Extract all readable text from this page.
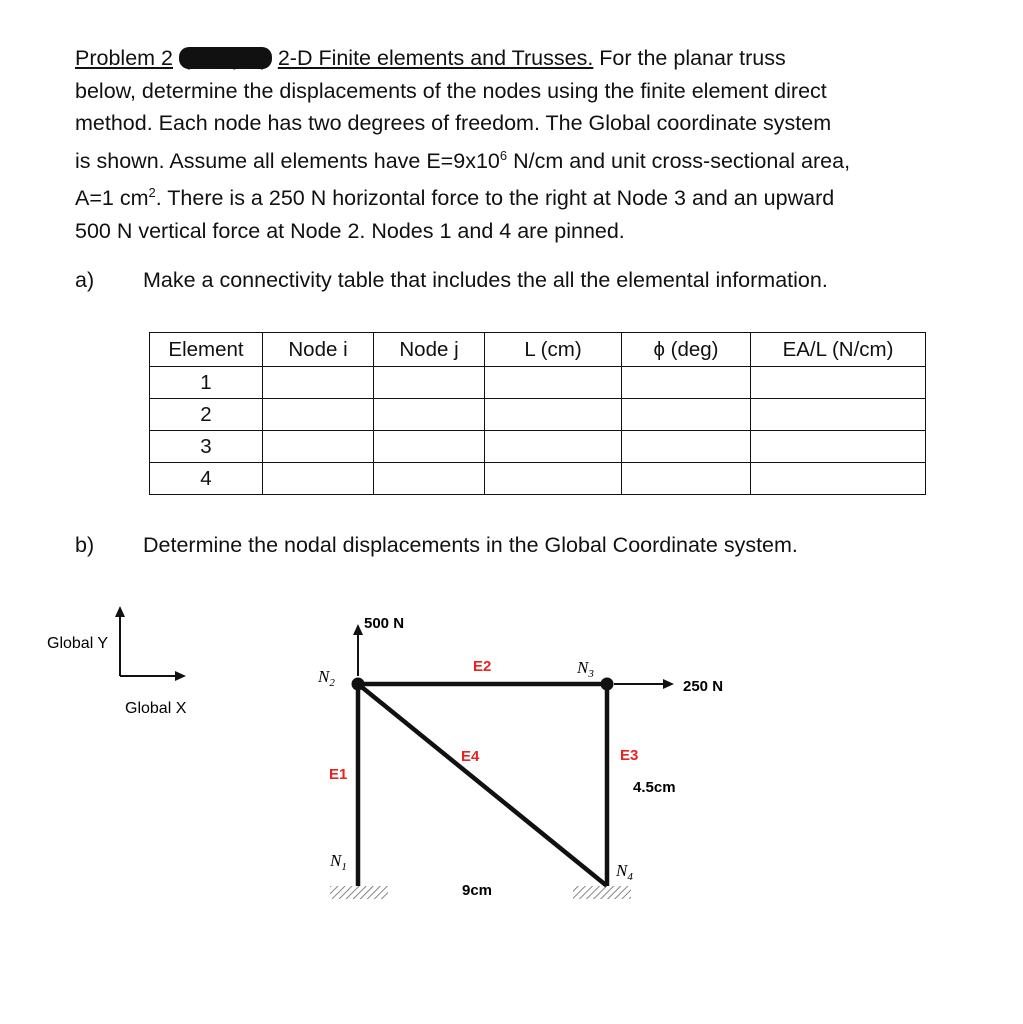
Problem 2 (100 pts) 2-D Finite elements and Trusses. For the planar truss
below, determine the displacements of the nodes using the finite element direct
method. Each node has two degrees of freedom. The Global coordinate system
is shown. Assume all elements have $E=9x10^6$ N/cm and unit cross-sectional area,
A=1 $cm^2$. There is a 250 N horizontal force to the right at Node 3 and an upward
500 N vertical force at Node 2. Nodes 1 and 4 are pinned.
a) Make a connectivity table that includes the all the elemental information.
Element	Node i	Node j	L (cm)	ϕ (deg)	EA/L (N/cm)
1					
2					
3					
4					
b) Determine the nodal displacements in the Global Coordinate system.
Global Y
Global X
500 N
250 N
$N_2$
$N_3$
$N_1$	$N_4$
E2
E4	E3
E1
4.5cm
9cm
